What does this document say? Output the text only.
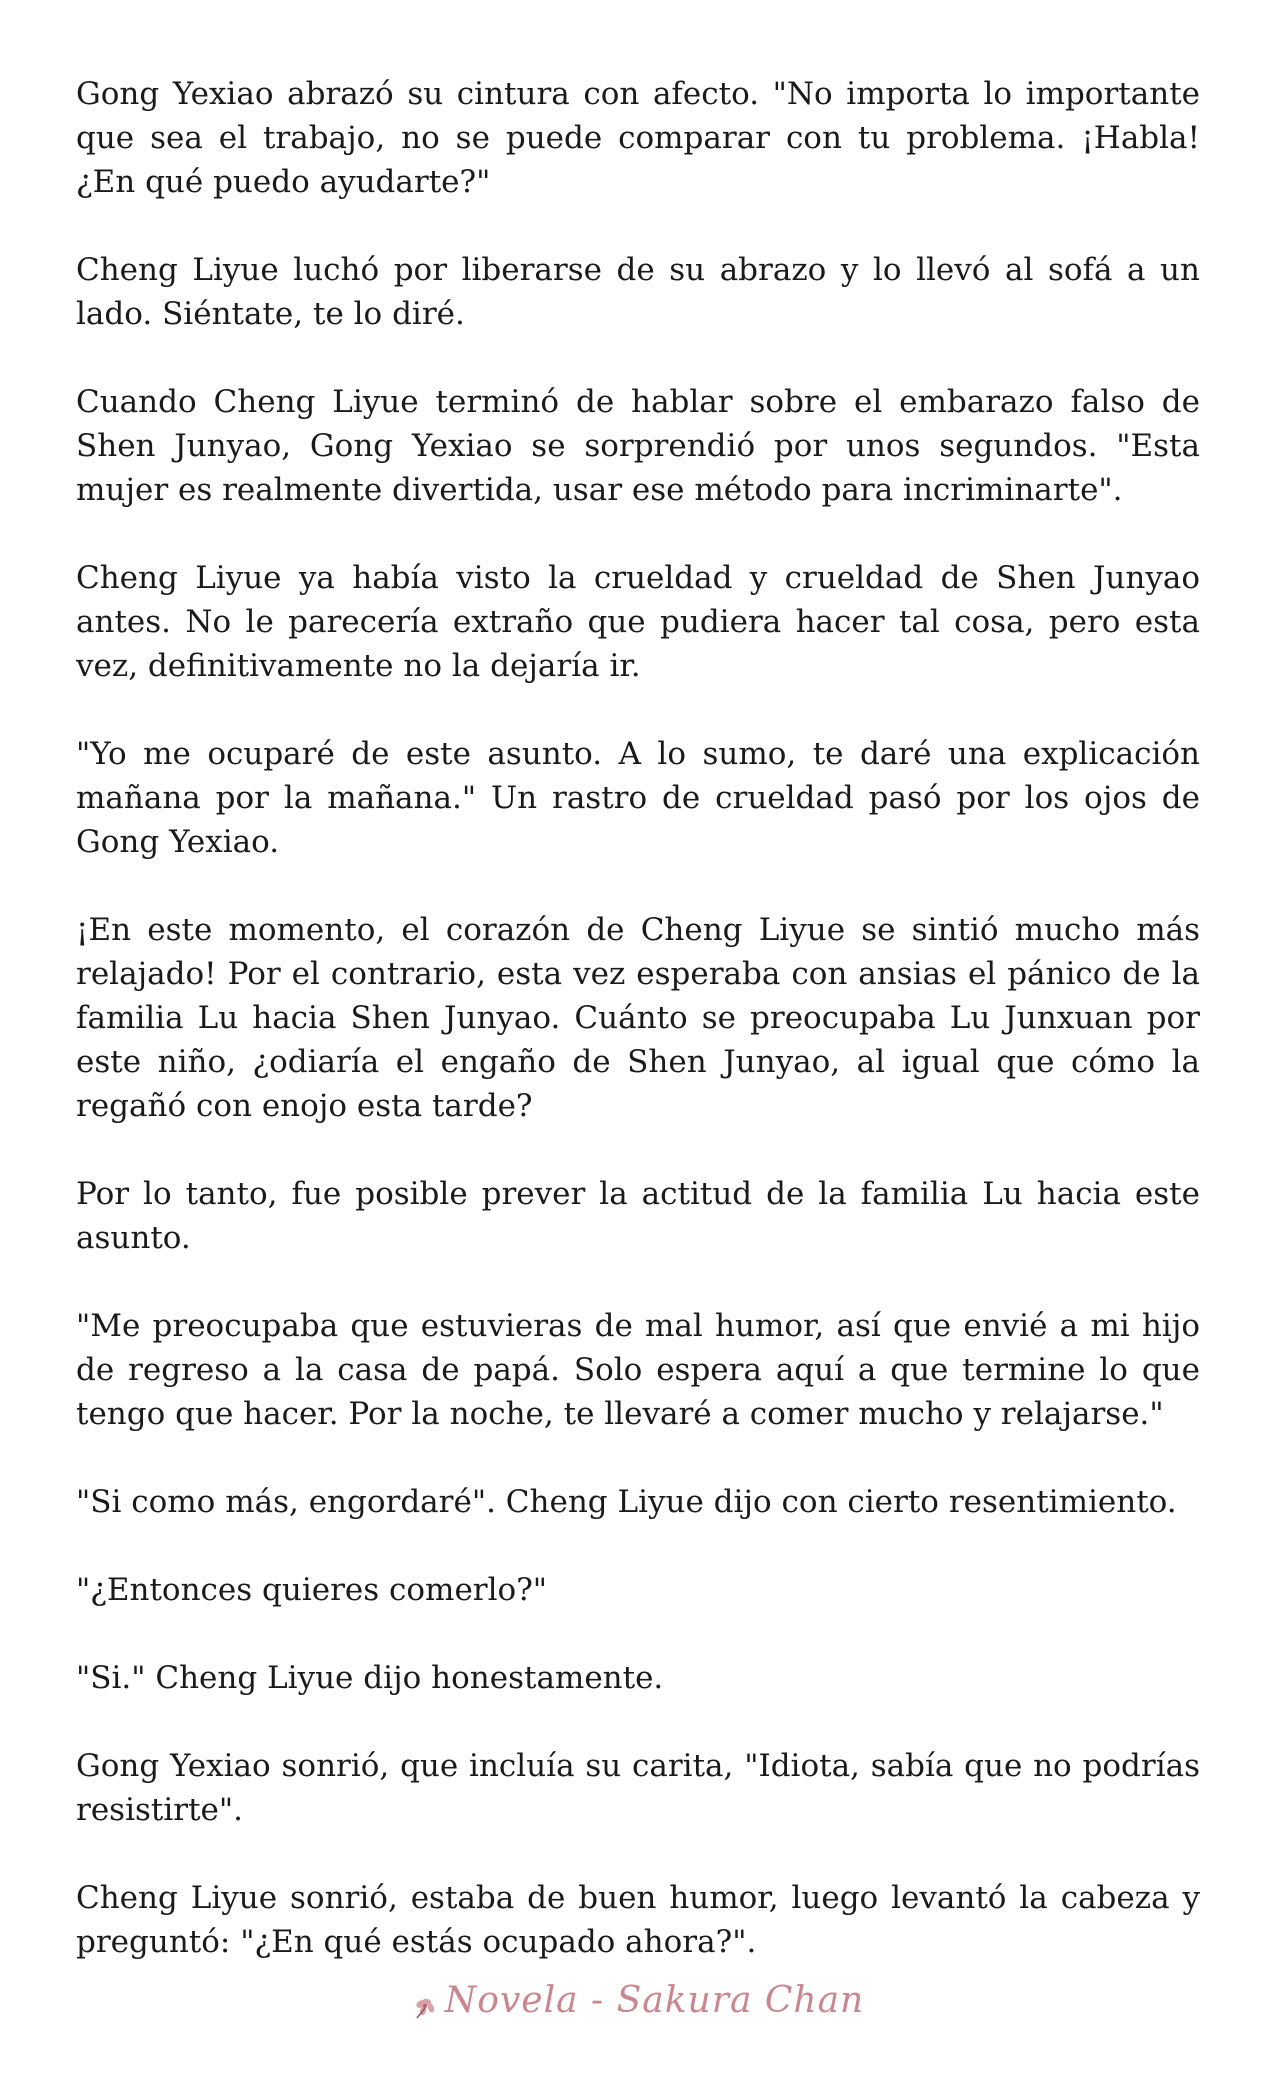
Gong Yexiao abrazó su cintura con afecto. "No importa lo importante que sea el trabajo, no se puede comparar con tu problema. ¡Habla! ¿En qué puedo ayudarte?"

Cheng Liyue luchó por liberarse de su abrazo y lo llevó al sofá a un lado. Siéntate, te lo diré.

Cuando Cheng Liyue terminó de hablar sobre el embarazo falso de Shen Junyao, Gong Yexiao se sorprendió por unos segundos. "Esta mujer es realmente divertida, usar ese método para incriminarte".

Cheng Liyue ya había visto la crueldad y crueldad de Shen Junyao antes. No le parecería extraño que pudiera hacer tal cosa, pero esta vez, definitivamente no la dejaría ir.

"Yo me ocuparé de este asunto. A lo sumo, te daré una explicación mañana por la mañana." Un rastro de crueldad pasó por los ojos de Gong Yexiao.

¡En este momento, el corazón de Cheng Liyue se sintió mucho más relajado! Por el contrario, esta vez esperaba con ansias el pánico de la familia Lu hacia Shen Junyao. Cuánto se preocupaba Lu Junxuan por este niño, ¿odiaría el engaño de Shen Junyao, al igual que cómo la regañó con enojo esta tarde?

Por lo tanto, fue posible prever la actitud de la familia Lu hacia este asunto.

"Me preocupaba que estuvieras de mal humor, así que envié a mi hijo de regreso a la casa de papá. Solo espera aquí a que termine lo que tengo que hacer. Por la noche, te llevaré a comer mucho y relajarse."

"Si como más, engordaré". Cheng Liyue dijo con cierto resentimiento.

"¿Entonces quieres comerlo?"

"Si." Cheng Liyue dijo honestamente.

Gong Yexiao sonrió, que incluía su carita, "Idiota, sabía que no podrías resistirte".

Cheng Liyue sonrió, estaba de buen humor, luego levantó la cabeza y preguntó: "¿En qué estás ocupado ahora?".

Novela - Sakura Chan
